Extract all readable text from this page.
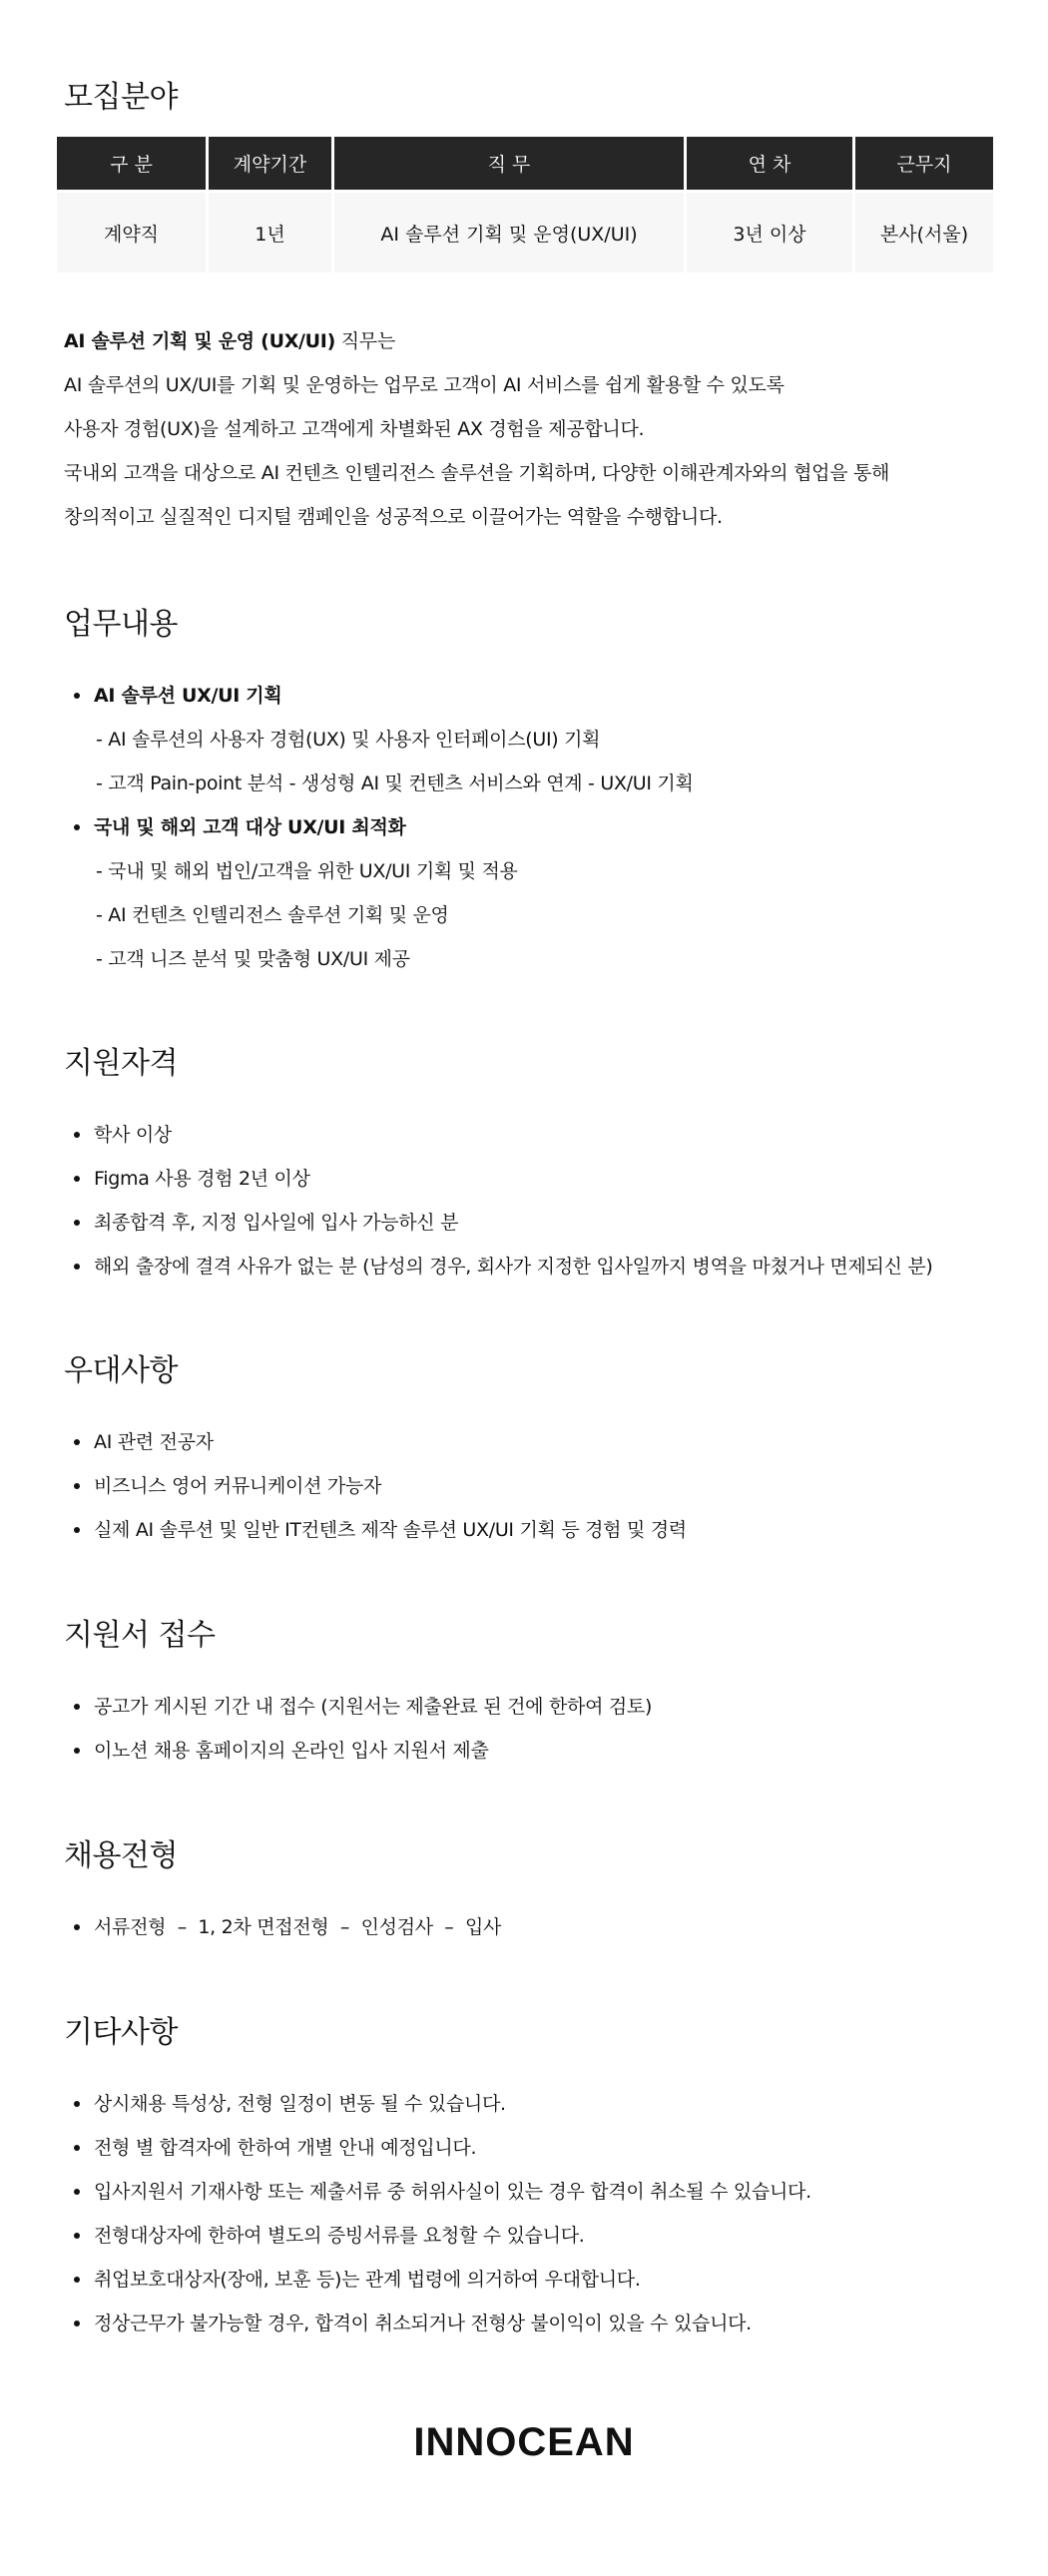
모집분야
구 분	계약기간	직 무	연 차	근무지
계약직	1년	AI 솔루션 기획 및 운영(UX/UI)	3년 이상	본사(서울)

AI 솔루션 기획 및 운영 (UX/UI) 직무는

AI 솔루션의 UX/UI를 기획 및 운영하는 업무로 고객이 AI 서비스를 쉽게 활용할 수 있도록

사용자 경험(UX)을 설계하고 고객에게 차별화된 AX 경험을 제공합니다.

국내외 고객을 대상으로 AI 컨텐츠 인텔리전스 솔루션을 기획하며, 다양한 이해관계자와의 협업을 통해

창의적이고 실질적인 디지털 캠페인을 성공적으로 이끌어가는 역할을 수행합니다.

업무내용
AI 솔루션 UX/UI 기획
- AI 솔루션의 사용자 경험(UX) 및 사용자 인터페이스(UI) 기획
- 고객 Pain-point 분석 - 생성형 AI 및 컨텐츠 서비스와 연계 - UX/UI 기획
국내 및 해외 고객 대상 UX/UI 최적화
- 국내 및 해외 법인/고객을 위한 UX/UI 기획 및 적용
- AI 컨텐츠 인텔리전스 솔루션 기획 및 운영
- 고객 니즈 분석 및 맞춤형 UX/UI 제공
지원자격
학사 이상
Figma 사용 경험 2년 이상
최종합격 후, 지정 입사일에 입사 가능하신 분
해외 출장에 결격 사유가 없는 분 (남성의 경우, 회사가 지정한 입사일까지 병역을 마쳤거나 면제되신 분)
우대사항
AI 관련 전공자
비즈니스 영어 커뮤니케이션 가능자
실제 AI 솔루션 및 일반 IT컨텐츠 제작 솔루션 UX/UI 기획 등 경험 및 경력
지원서 접수
공고가 게시된 기간 내 접수 (지원서는 제출완료 된 건에 한하여 검토)
이노션 채용 홈페이지의 온라인 입사 지원서 제출
채용전형
서류전형  –  1, 2차 면접전형  –  인성검사  –  입사
기타사항
상시채용 특성상, 전형 일정이 변동 될 수 있습니다.
전형 별 합격자에 한하여 개별 안내 예정입니다.
입사지원서 기재사항 또는 제출서류 중 허위사실이 있는 경우 합격이 취소될 수 있습니다.
전형대상자에 한하여 별도의 증빙서류를 요청할 수 있습니다.
취업보호대상자(장애, 보훈 등)는 관계 법령에 의거하여 우대합니다.
정상근무가 불가능할 경우, 합격이 취소되거나 전형상 불이익이 있을 수 있습니다.
INNOCEAN
